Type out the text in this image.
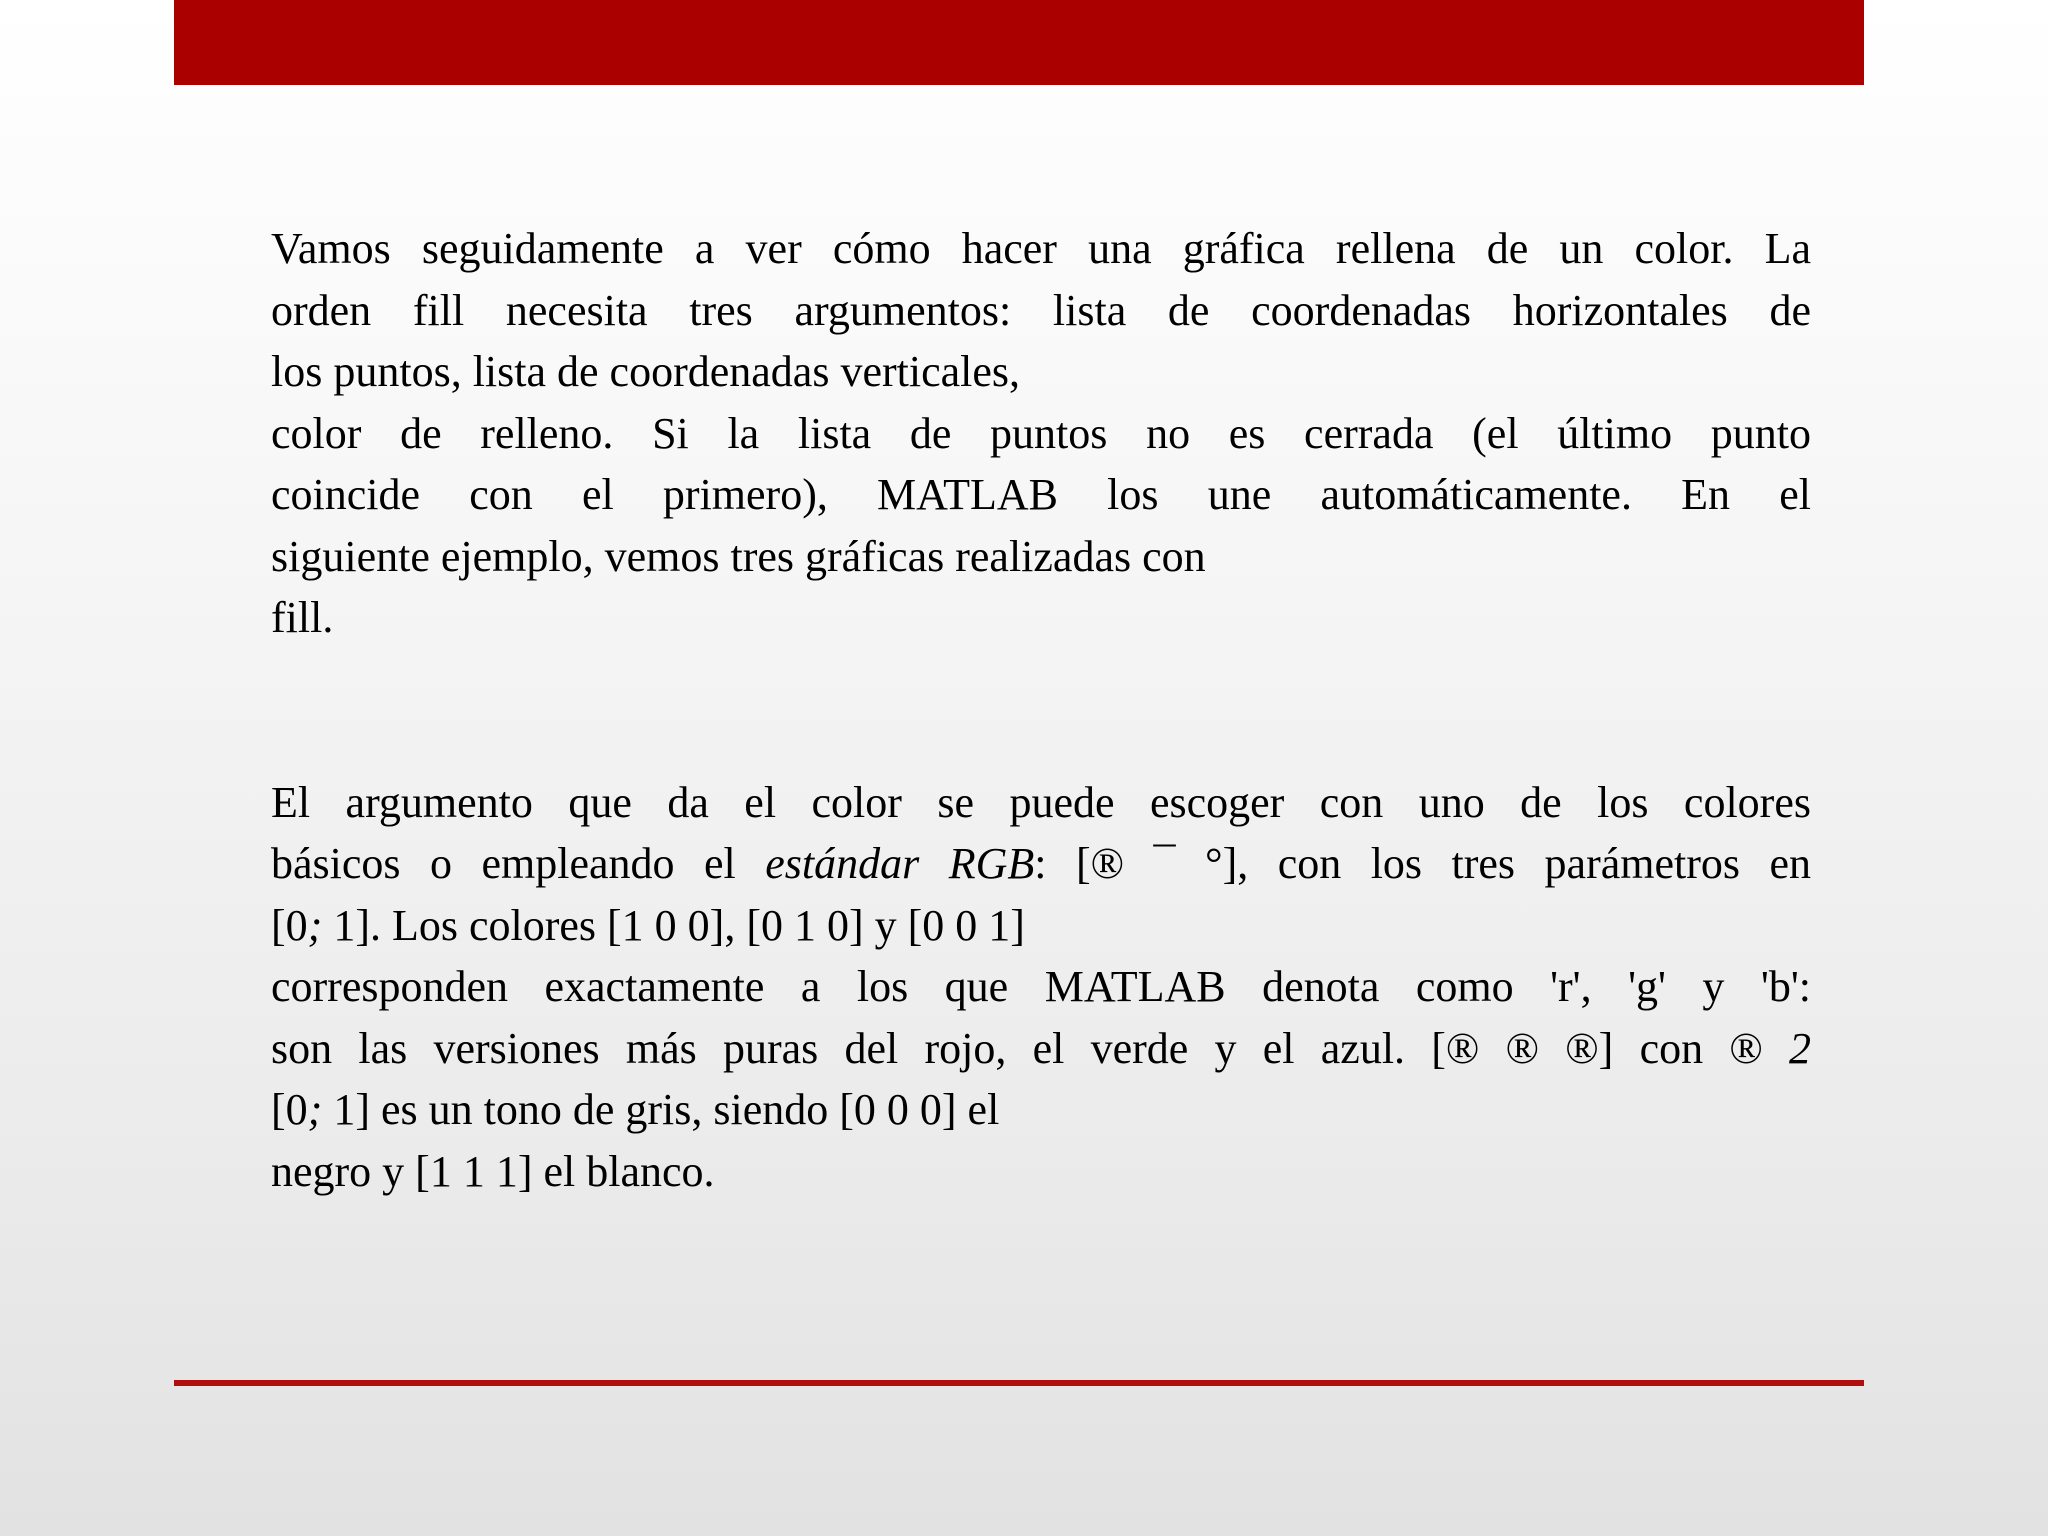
Vamos seguidamente a ver cómo hacer una gráfica rellena de un color. La
orden fill necesita tres argumentos: lista de coordenadas horizontales de
los puntos, lista de coordenadas verticales,
color de relleno. Si la lista de puntos no es cerrada (el último punto
coincide con el primero), MATLAB los une automáticamente. En el
siguiente ejemplo, vemos tres gráficas realizadas con
fill.
El argumento que da el color se puede escoger con uno de los colores
básicos o empleando el estándar RGB: [® ¯ °], con los tres parámetros en
[0; 1]. Los colores [1 0 0], [0 1 0] y [0 0 1]
corresponden exactamente a los que MATLAB denota como 'r', 'g' y 'b':
son las versiones más puras del rojo, el verde y el azul. [® ® ®] con ® 2
[0; 1] es un tono de gris, siendo [0 0 0] el
negro y [1 1 1] el blanco.
